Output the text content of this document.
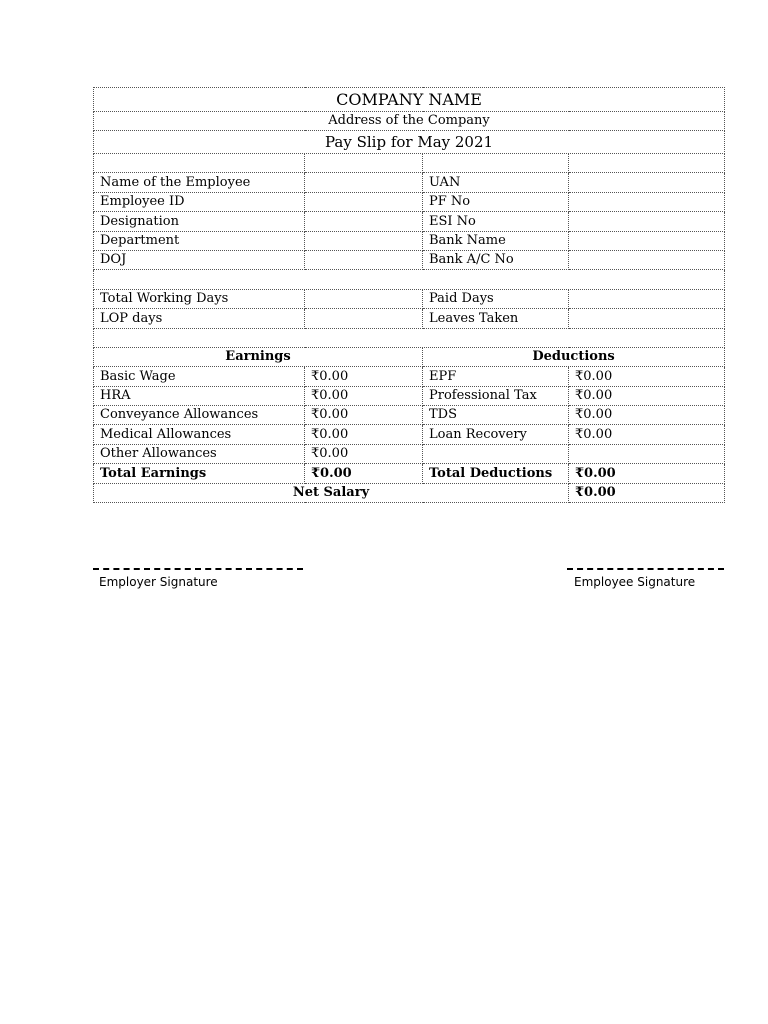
COMPANY NAME			
Address of the Company			
Pay Slip for May 2021			

Name of the Employee		UAN	
Employee ID		PF No	
Designation		ESI No	
Department		Bank Name	
DOJ		Bank A/C No	

Total Working Days		Paid Days	
LOP days		Leaves Taken	

Earnings		Deductions	
Basic Wage	₹0.00	EPF	₹0.00
HRA	₹0.00	Professional Tax	₹0.00
Conveyance Allowances	₹0.00	TDS	₹0.00
Medical Allowances	₹0.00	Loan Recovery	₹0.00
Other Allowances	₹0.00		
Total Earnings	₹0.00	Total Deductions	₹0.00
Net Salary			₹0.00
Employer Signature	Employee Signature
